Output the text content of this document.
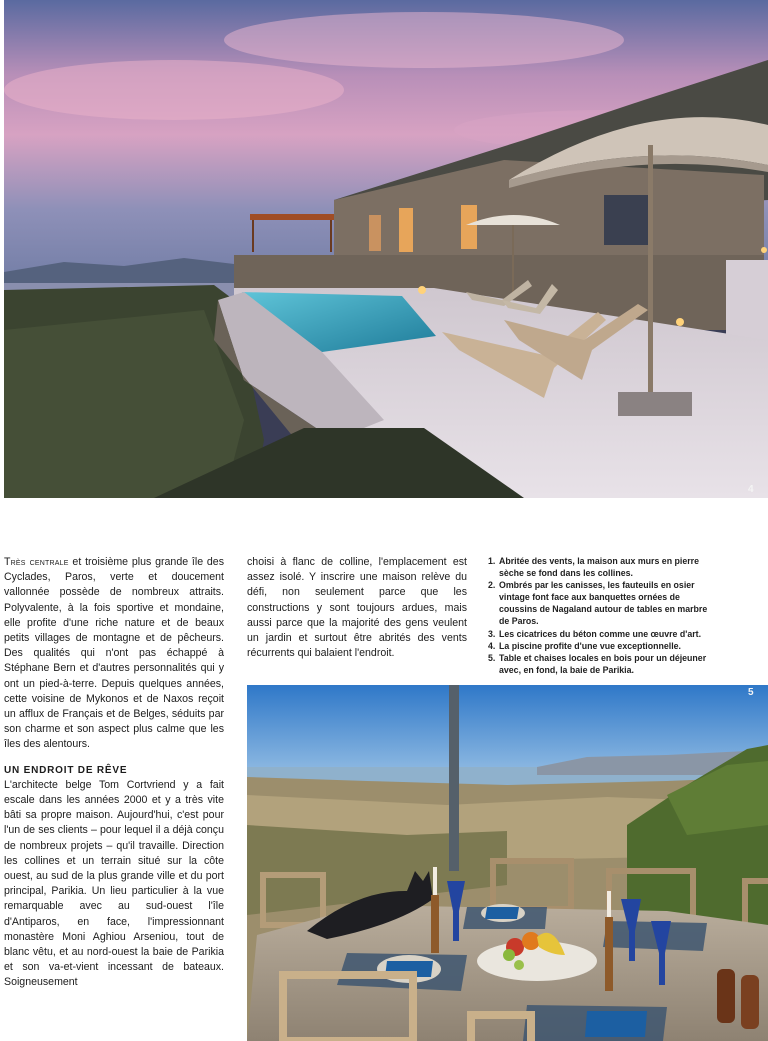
4

Très centrale et troisième plus grande île des Cyclades, Paros, verte et doucement vallonnée possède de nombreux attraits. Polyvalente, à la fois sportive et mondaine, elle profite d'une riche nature et de beaux petits villages de montagne et de pêcheurs. Des qualités qui n'ont pas échappé à Stéphane Bern et d'autres personnalités qui y ont un pied-à-terre. Depuis quelques années, cette voisine de Mykonos et de Naxos reçoit un afflux de Français et de Belges, séduits par son charme et son aspect plus calme que les îles des alentours.

UN ENDROIT DE RÊVE

L'architecte belge Tom Cortvriend y a fait escale dans les années 2000 et y a très vite bâti sa propre maison. Aujourd'hui, c'est pour l'un de ses clients – pour lequel il a déjà conçu de nombreux projets – qu'il travaille. Direction les collines et un terrain situé sur la côte ouest, au sud de la plus grande ville et du port principal, Parikia. Un lieu particulier à la vue remarquable avec au sud-ouest l'île d'Antiparos, en face, l'impressionnant monastère Moni Aghiou Arseniou, tout de blanc vêtu, et au nord-ouest la baie de Parikia et son va-et-vient incessant de bateaux. Soigneusement

choisi à flanc de colline, l'emplacement est assez isolé. Y inscrire une maison relève du défi, non seulement parce que les constructions y sont toujours ardues, mais aussi parce que la majorité des gens veulent un jardin et surtout être abrités des vents récurrents qui balaient l'endroit.

1. Abritée des vents, la maison aux murs en pierre sèche se fond dans les collines.
2. Ombrés par les canisses, les fauteuils en osier vintage font face aux banquettes ornées de coussins de Nagaland autour de tables en marbre de Paros.
3. Les cicatrices du béton comme une œuvre d'art.
4. La piscine profite d'une vue exceptionnelle.
5. Table et chaises locales en bois pour un déjeuner avec, en fond, la baie de Parikia.
5
